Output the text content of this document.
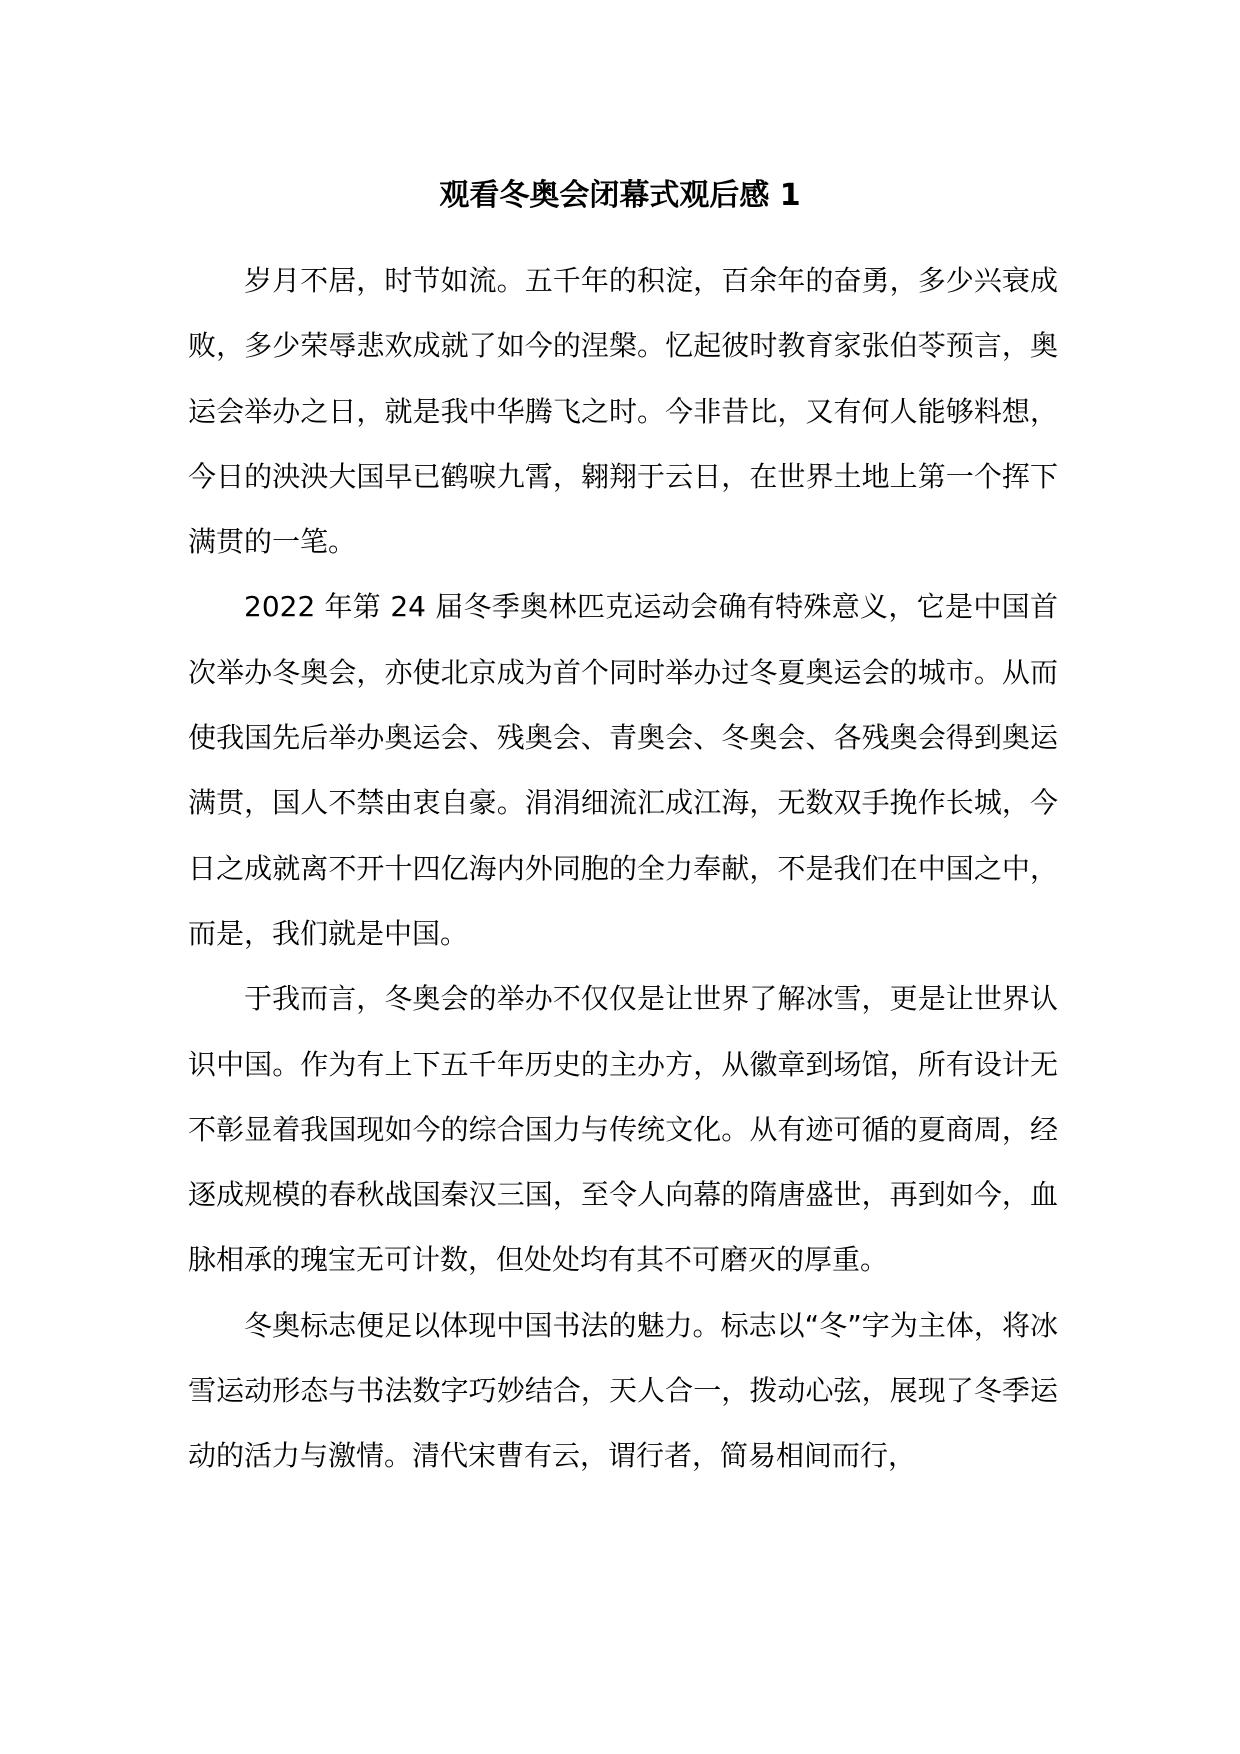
观看冬奥会闭幕式观后感 1

岁月不居，时节如流。五千年的积淀，百余年的奋勇，多少兴衰成败，多少荣辱悲欢成就了如今的涅槃。忆起彼时教育家张伯苓预言，奥运会举办之日，就是我中华腾飞之时。今非昔比，又有何人能够料想，今日的泱泱大国早已鹤唳九霄，翱翔于云日，在世界土地上第一个挥下满贯的一笔。

2022 年第 24 届冬季奥林匹克运动会确有特殊意义，它是中国首次举办冬奥会，亦使北京成为首个同时举办过冬夏奥运会的城市。从而使我国先后举办奥运会、残奥会、青奥会、冬奥会、各残奥会得到奥运满贯，国人不禁由衷自豪。涓涓细流汇成江海，无数双手挽作长城，今日之成就离不开十四亿海内外同胞的全力奉献，不是我们在中国之中，而是，我们就是中国。

于我而言，冬奥会的举办不仅仅是让世界了解冰雪，更是让世界认识中国。作为有上下五千年历史的主办方，从徽章到场馆，所有设计无不彰显着我国现如今的综合国力与传统文化。从有迹可循的夏商周，经逐成规模的春秋战国秦汉三国，至令人向幕的隋唐盛世，再到如今，血脉相承的瑰宝无可计数，但处处均有其不可磨灭的厚重。

冬奥标志便足以体现中国书法的魅力。标志以“冬”字为主体，将冰雪运动形态与书法数字巧妙结合，天人合一，拨动心弦，展现了冬季运动的活力与激情。清代宋曹有云，谓行者，简易相间而行，
